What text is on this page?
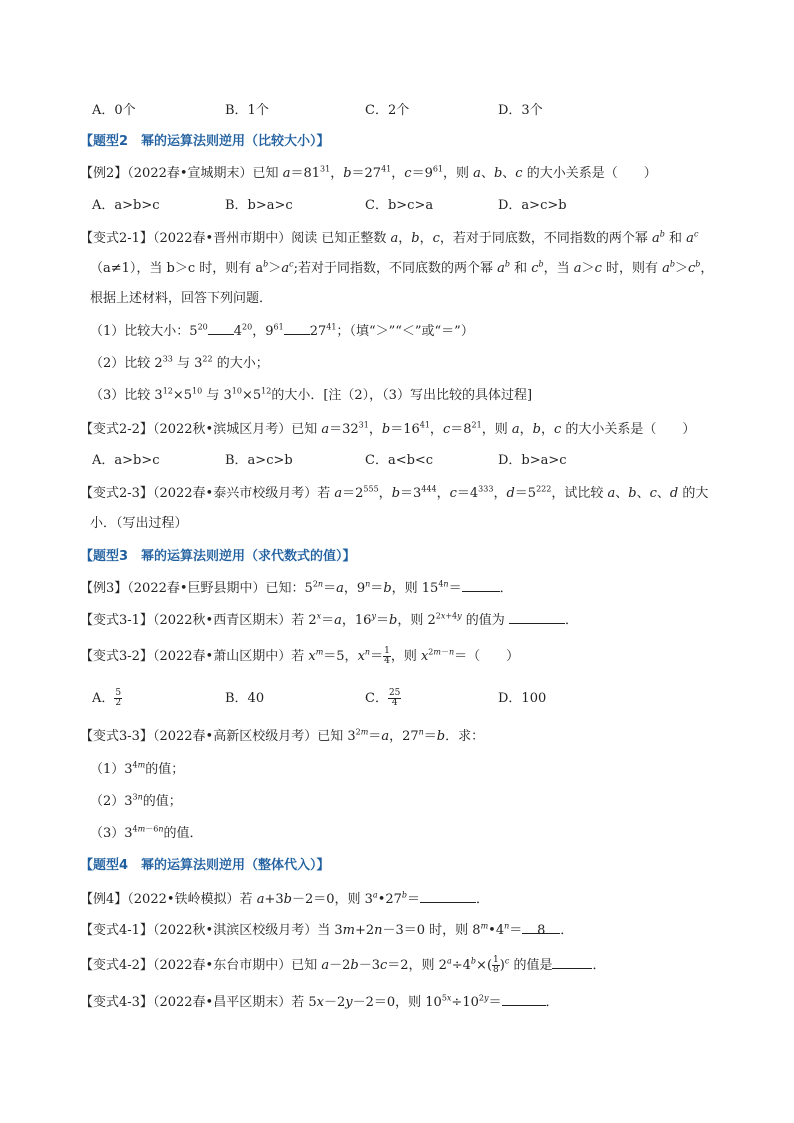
A．0个	B．1个	C．2个	D．3个
【题型2　幂的运算法则逆用（比较大小）】
【例2】（2022春•宣城期末）已知 $a=81^{31}$，$b=27^{41}$，$c=9^{61}$，则 a、b、c 的大小关系是（　　）
A．a>b>c	B．b>a>c	C．b>c>a	D．a>c>b
【变式2-1】（2022春•晋州市期中）阅读 已知正整数 a，b，c，若对于同底数，不同指数的两个幂 $a^b$ 和 $a^c$
（a≠1），当 b＞c 时，则有 $a^b>a^c$;若对于同指数，不同底数的两个幂 $a^b$ 和 $c^b$，当 a＞c 时，则有 $a^b>c^b$，
根据上述材料，回答下列问题．
（1）比较大小：$5^{20}$ $4^{20}$，$9^{61}$ $27^{41}$；（填“＞”“＜”或“＝”）
（2）比较 $2^{33}$ 与 $3^{22}$ 的大小；
（3）比较 $3^{12}\times 5^{10}$ 与 $3^{10}\times 5^{12}$的大小．[注（2），（3）写出比较的具体过程]
【变式2-2】（2022秋•滨城区月考）已知 $a=32^{31}$，$b=16^{41}$，$c=8^{21}$，则 a，b，c 的大小关系是（　　）
A．a>b>c	B．a>c>b	C．a<b<c	D．b>a>c
【变式2-3】（2022春•泰兴市校级月考）若 $a=2^{555}$，$b=3^{444}$，$c=4^{333}$，$d=5^{222}$，试比较 a、b、c、d 的大
小．（写出过程）
【题型3　幂的运算法则逆用（求代数式的值）】
【例3】（2022春•巨野县期中）已知：$5^{2n}=a$，$9^n=b$，则 $15^{4n}=$	．
【变式3-1】（2022秋•西青区期末）若 $2^x=a$，$16^y=b$，则 $2^{2x+4y}$ 的值为	．
【变式3-2】（2022春•萧山区期中）若 $x^m=5$，$x^n= \frac{1}{4}$ ，则 $x^{2m-n}=$（　　）
A． $\frac{5}{2}$	B．40	C． $\frac{25}{4}$	D．100
【变式3-3】（2022春•高新区校级月考）已知 $3^{2m}=a$，$27^n=b$．求：
$(1)3^{4m}$的值；
$(2)3^{3n}$的值；
$(3)3^{4m-6n}$的值．
【题型4　幂的运算法则逆用（整体代入）】
【例4】（2022•铁岭模拟）若 a+3b－2＝0，则 $3^a•27^b=$	．
【变式4-1】（2022秋•淇滨区校级月考）当 3m+2n－3＝0 时，则 $8^m•4^n= 8$ ．
【变式4-2】（2022春•东台市期中）已知 a－2b－3c＝2，则 $2^a\div 4^b\times( \frac{1}{8} )^c$ 的值是	．
【变式4-3】（2022春•昌平区期末）若 5x－2y－2＝0，则 $10^{5x}\div 10^{2y}=$	．
